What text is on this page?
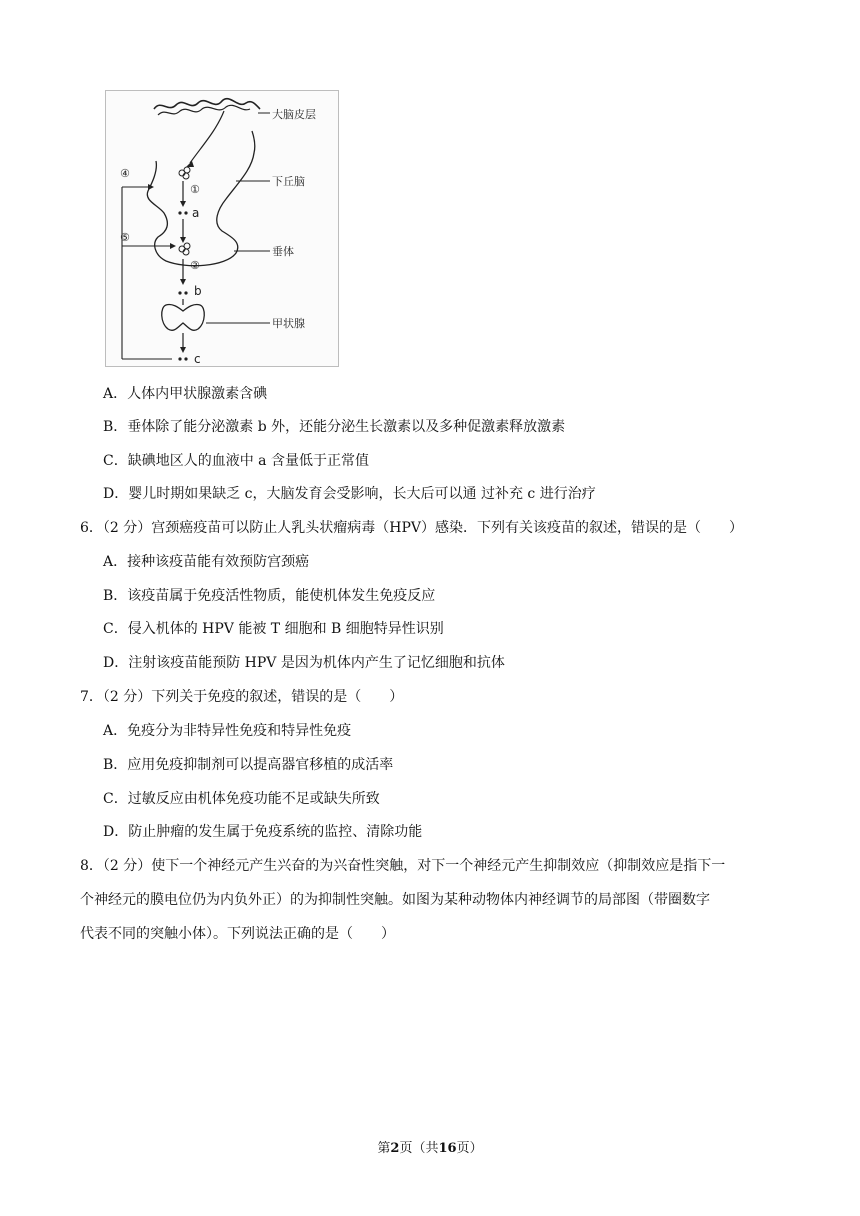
大脑皮层
下丘脑
垂体
①
a
②
b
甲状腺
c
④
⑤
A．人体内甲状腺激素含碘
B．垂体除了能分泌激素 b 外，还能分泌生长激素以及多种促激素释放激素
C．缺碘地区人的血液中 a 含量低于正常值
D．婴儿时期如果缺乏 c，大脑发育会受影响，长大后可以通 过补充 c 进行治疗
6．（2 分）宫颈癌疫苗可以防止人乳头状瘤病毒（HPV）感染．下列有关该疫苗的叙述，错误的是（　　）
A．接种该疫苗能有效预防宫颈癌
B．该疫苗属于免疫活性物质，能使机体发生免疫反应
C．侵入机体的 HPV 能被 T 细胞和 B 细胞特异性识别
D．注射该疫苗能预防 HPV 是因为机体内产生了记忆细胞和抗体
7．（2 分）下列关于免疫的叙述，错误的是（　　）
A．免疫分为非特异性免疫和特异性免疫
B．应用免疫抑制剂可以提高器官移植的成活率
C．过敏反应由机体免疫功能不足或缺失所致
D．防止肿瘤的发生属于免疫系统的监控、清除功能
8．（2 分）使下一个神经元产生兴奋的为兴奋性突触，对下一个神经元产生抑制效应（抑制效应是指下一
个神经元的膜电位仍为内负外正）的为抑制性突触。如图为某种动物体内神经调节的局部图（带圈数字
代表不同的突触小体）。下列说法正确的是（　　）
第2页（共16页）
